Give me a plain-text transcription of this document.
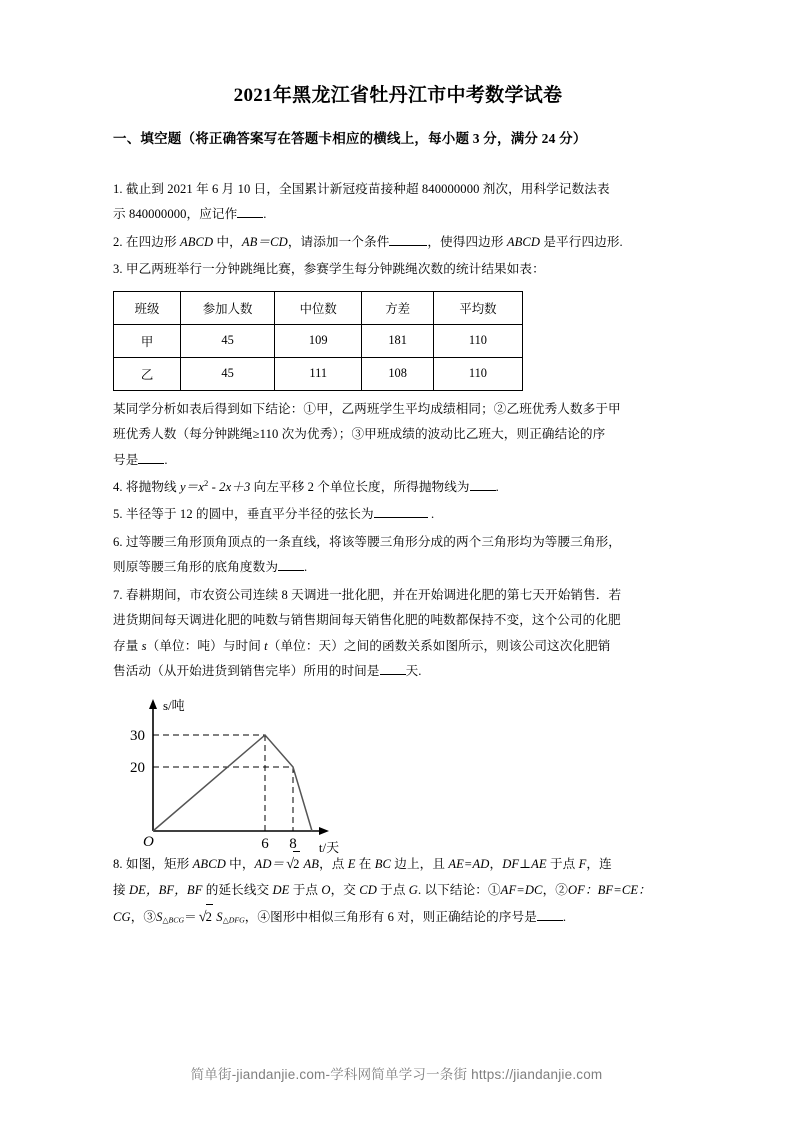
2021年黑龙江省牡丹江市中考数学试卷
一、填空题（将正确答案写在答题卡相应的横线上，每小题 3 分，满分 24 分）
1. 截止到 2021 年 6 月 10 日，全国累计新冠疫苗接种超 840000000 剂次，用科学记数法表
示 840000000，应记作 .
2. 在四边形 ABCD 中，AB＝CD，请添加一个条件	，使得四边形 ABCD 是平行四边形.
3. 甲乙两班举行一分钟跳绳比赛，参赛学生每分钟跳绳次数的统计结果如表：
班级	参加人数	中位数	方差	平均数
甲	45	109	181	110
乙	45	111	108	110
某同学分析如表后得到如下结论：①甲，乙两班学生平均成绩相同；②乙班优秀人数多于甲
班优秀人数（每分钟跳绳≥110 次为优秀）；③甲班成绩的波动比乙班大，则正确结论的序
号是 .
4. 将抛物线 $y=x^2 - 2x+3$ 向左平移 2 个单位长度，所得抛物线为 .
5. 半径等于 12 的圆中，垂直平分半径的弦长为	.
6. 过等腰三角形顶角顶点的一条直线，将该等腰三角形分成的两个三角形均为等腰三角形，
则原等腰三角形的底角度数为 .
7. 春耕期间，市农资公司连续 8 天调进一批化肥，并在开始调进化肥的第七天开始销售．若
进货期间每天调进化肥的吨数与销售期间每天销售化肥的吨数都保持不变，这个公司的化肥
存量 s（单位：吨）与时间 t（单位：天）之间的函数关系如图所示，则该公司这次化肥销
售活动（从开始进货到销售完毕）所用的时间是 天.
30
20
6 8
s/吨
t/天
O
8. 如图，矩形 ABCD 中，AD＝ √2 AB，点 E 在 BC 边上，且 AE=AD，DF⊥AE 于点 F，连
接 DE，BF，BF 的延长线交 DE 于点 O，交 CD 于点 G. 以下结论：①AF=DC，②OF：BF=CE：
CG，$③S_{\triangle BCG}= √2$ $S_{\triangle DFG}$，④图形中相似三角形有 6 对，则正确结论的序号是 .
简单街-jiandanjie.com-学科网简单学习一条街 https://jiandanjie.com
